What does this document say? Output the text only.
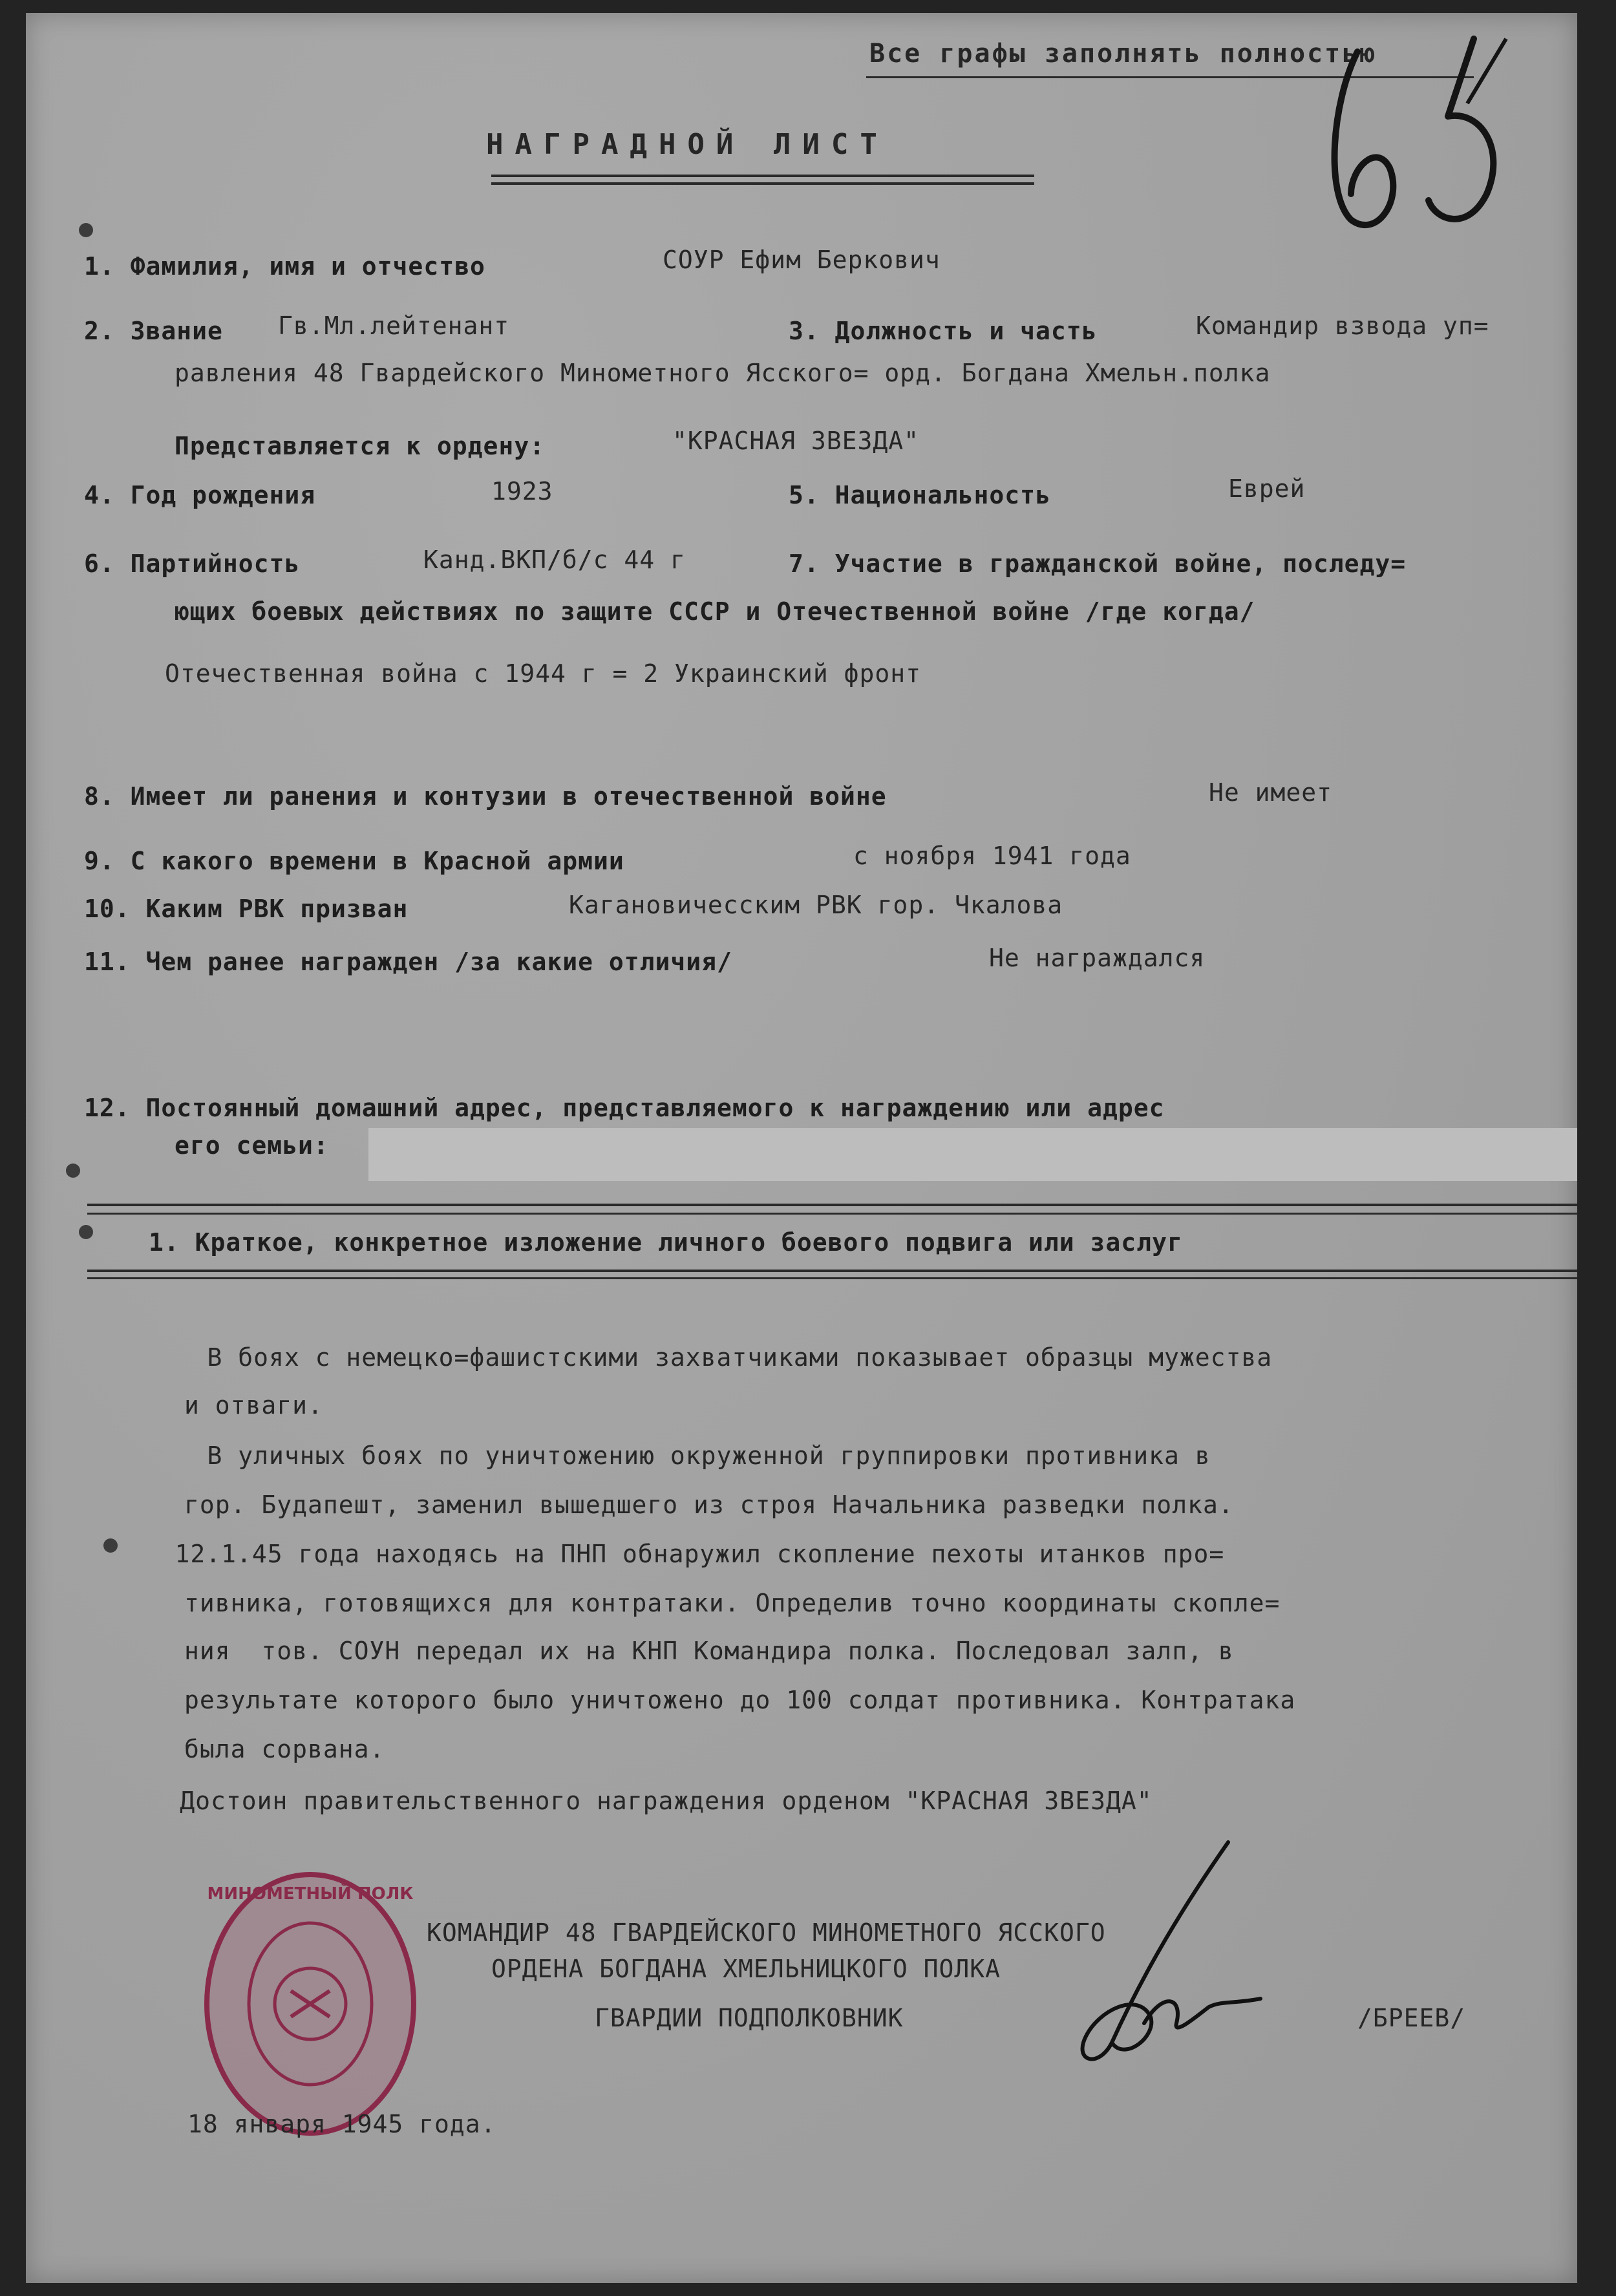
Все графы заполнять полностью
НАГРАДНОЙ ЛИСТ
1. Фамилия, имя и отчество	СОУР Ефим Беркович
2. Звание Гв.Мл.лейтенант	3. Должность и часть	Командир взвода уп=
равления 48 Гвардейского Минометного Ясского= орд. Богдана Хмельн.полка
Представляется к ордену:	"КРАСНАЯ ЗВЕЗДА"
4. Год рождения	1923	5. Национальность	Еврей
6. Партийность	Канд.ВКП/б/с 44 г	7. Участие в гражданской войне, последу=
ющих боевых действиях по защите СССР и Отечественной войне /где когда/
Отечественная война с 1944 г = 2 Украинский фронт
8. Имеет ли ранения и контузии в отечественной войне	Не имеет
9. С какого времени в Красной армии	с ноября 1941 года
10. Каким РВК призван	Кагановичесским РВК гор. Чкалова
11. Чем ранее награжден /за какие отличия/	Не награждался
12. Постоянный домашний адрес, представляемого к награждению или адрес
его семьи:
1. Краткое, конкретное изложение личного боевого подвига или заслуг
В боях с немецко=фашистскими захватчиками показывает образцы мужества
и отваги.
В уличных боях по уничтожению окруженной группировки противника в
гор. Будапешт, заменил вышедшего из строя Начальника разведки полка.
12.1.45 года находясь на ПНП обнаружил скопление пехоты итанков про=
тивника, готовящихся для контратаки. Определив точно координаты скопле=
ния  тов. СОУН передал их на КНП Командира полка. Последовал залп, в
результате которого было уничтожено до 100 солдат противника. Контратака
была сорвана.
Достоин правительственного награждения орденом "КРАСНАЯ ЗВЕЗДА"
МИНОМЕТНЫЙ ПОЛК
КОМАНДИР 48 ГВАРДЕЙСКОГО МИНОМЕТНОГО ЯССКОГО
ОРДЕНА БОГДАНА ХМЕЛЬНИЦКОГО ПОЛКА
ГВАРДИИ ПОДПОЛКОВНИК	/БРЕЕВ/
18 января 1945 года.
